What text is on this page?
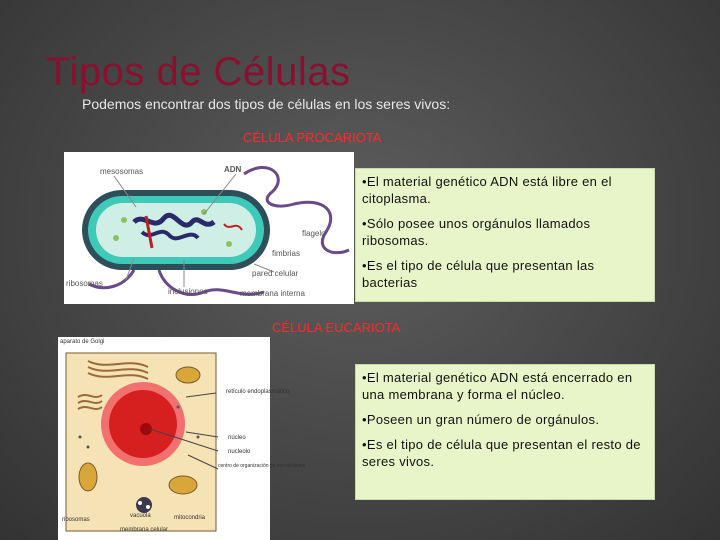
Tipos de Células
Podemos encontrar dos tipos de células en los seres vivos:
CÉLULA PROCARIOTA
mesosomas	ADN
flagelo
fimbrias
pared celular
ribosomas
inclusiones	membrana interna

•El material genético ADN está libre en el citoplasma.

•Sólo posee unos orgánulos llamados ribosomas.

•Es el tipo de célula que presentan las bacterias

CÉLULA EUCARIOTA
aparato de Golgi
retículo endoplasmático
núcleo
nucleolo
centro de organización de microtúbulos
ribosomas
vacuola	mitocondria
membrana celular

•El material genético ADN está encerrado en una membrana y forma el núcleo.

•Poseen un gran número de orgánulos.

•Es el tipo de célula que presentan el resto de seres vivos.
